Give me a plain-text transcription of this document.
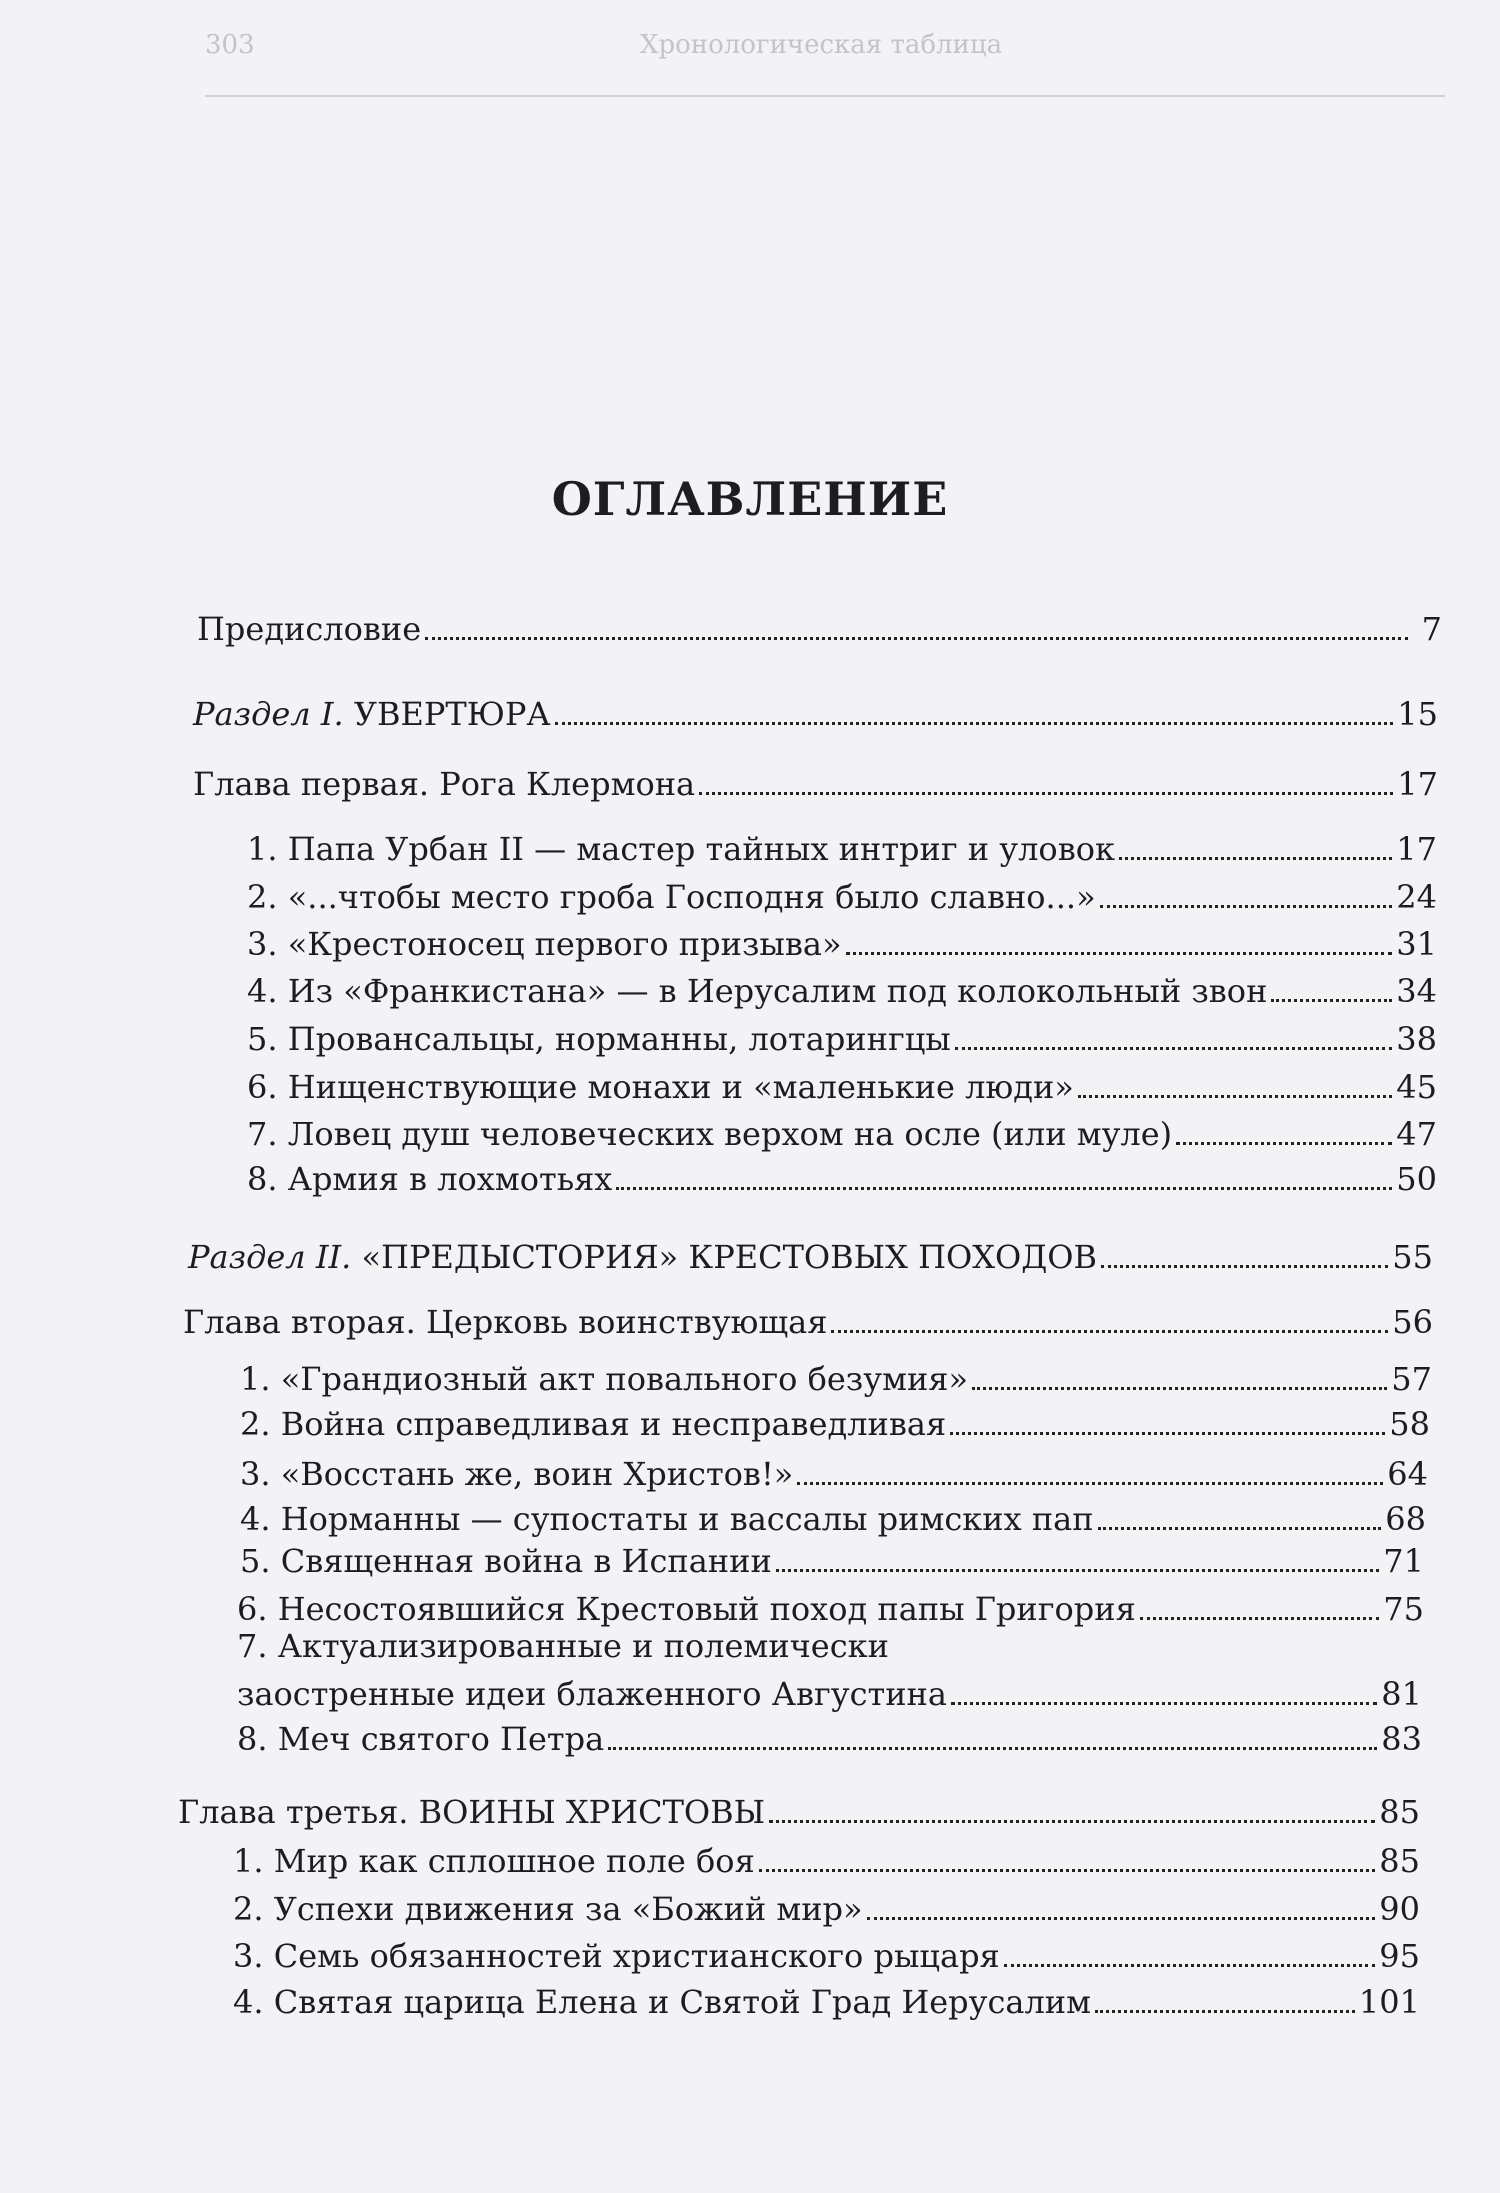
303	Хронологическая таблица
ОГЛАВЛЕНИЕ
Предисловие	7
Раздел I. УВЕРТЮРА	15
Глава первая. Рога Клермона	17
1. Папа Урбан II — мастер тайных интриг и уловок	17
2. «...чтобы место гроба Господня было славно...»	24
3. «Крестоносец первого призыва»	31
4. Из «Франкистана» — в Иерусалим под колокольный звон	34
5. Провансальцы, норманны, лотарингцы	38
6. Нищенствующие монахи и «маленькие люди»	45
7. Ловец душ человеческих верхом на осле (или муле)	47
8. Армия в лохмотьях	50
Раздел II. «ПРЕДЫСТОРИЯ» КРЕСТОВЫХ ПОХОДОВ	55
Глава вторая. Церковь воинствующая	56
1. «Грандиозный акт повального безумия»	57
2. Война справедливая и несправедливая	58
3. «Восстань же, воин Христов!»	64
4. Норманны — супостаты и вассалы римских пап	68
5. Священная война в Испании	71
6. Несостоявшийся Крестовый поход папы Григория	75
7. Актуализированные и полемически
заостренные идеи блаженного Августина	81
8. Меч святого Петра	83
Глава третья. ВОИНЫ ХРИСТОВЫ	85
1. Мир как сплошное поле боя	85
2. Успехи движения за «Божий мир»	90
3. Семь обязанностей христианского рыцаря	95
4. Святая царица Елена и Святой Град Иерусалим	101
